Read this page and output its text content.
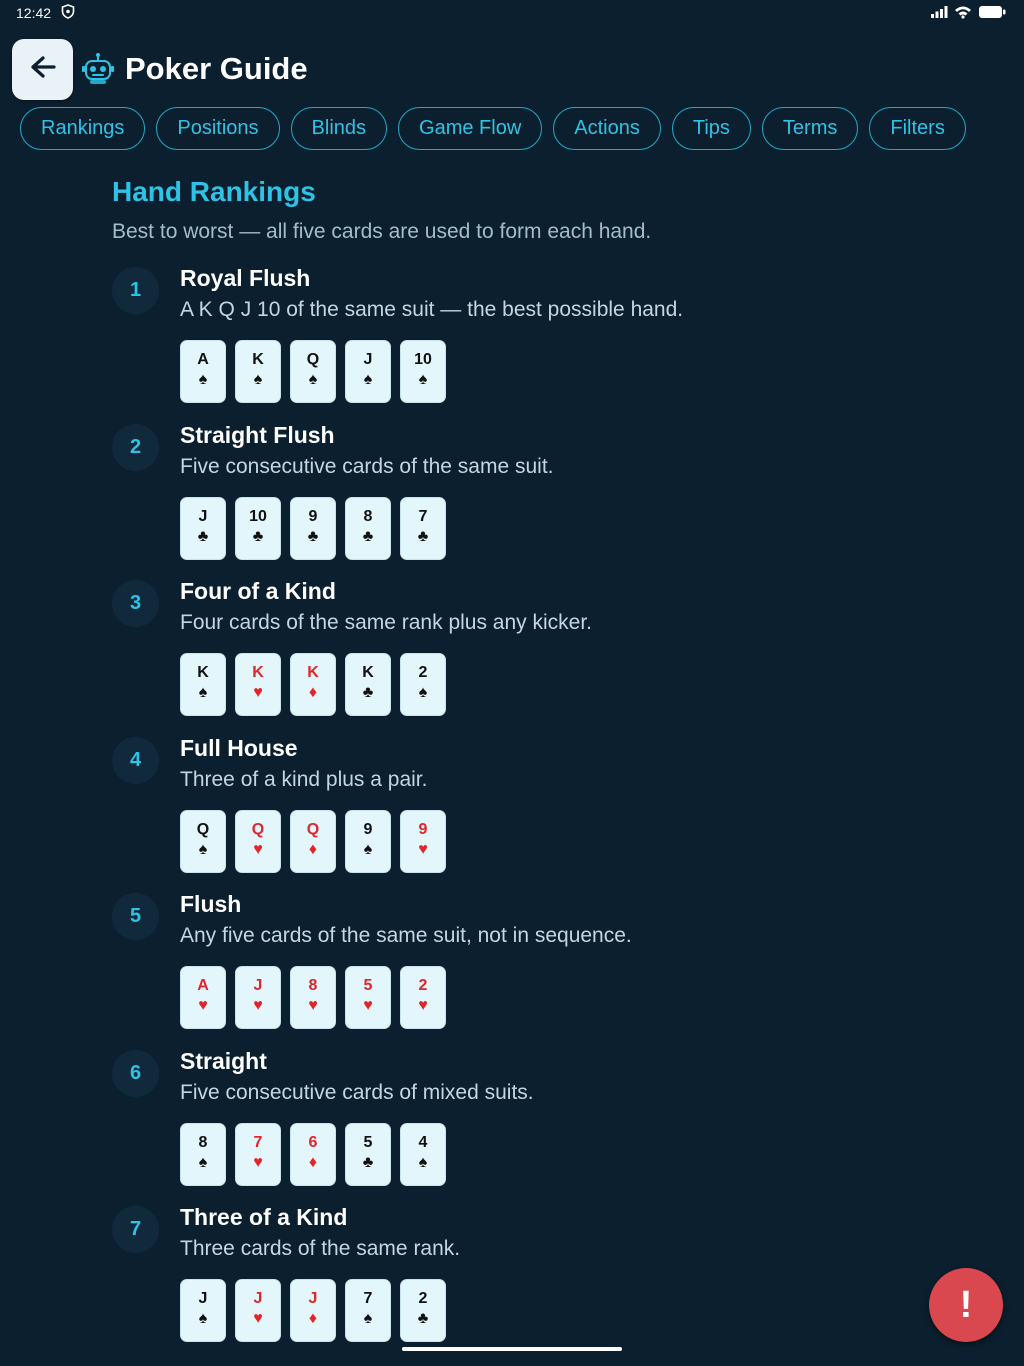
12:42
Poker Guide
Rankings	Positions	Blinds	Game Flow	Actions	Tips	Terms	Filters
Hand Rankings
Best to worst — all five cards are used to form each hand.
1	Royal Flush
A K Q J 10 of the same suit — the best possible hand.
A
♠
K
♠
Q
♠
J
♠
10
♠
2	Straight Flush
Five consecutive cards of the same suit.
J
♣
10
♣
9
♣
8
♣
7
♣
3	Four of a Kind
Four cards of the same rank plus any kicker.
K
♠
K
♥
K
♦
K
♣
2
♠
4	Full House
Three of a kind plus a pair.
Q
♠
Q
♥
Q
♦
9
♠
9
♥
5	Flush
Any five cards of the same suit, not in sequence.
A
♥
J
♥
8
♥
5
♥
2
♥
6	Straight
Five consecutive cards of mixed suits.
8
♠
7
♥
6
♦
5
♣
4
♠
7	Three of a Kind
Three cards of the same rank.
J
♠
J
♥
J
♦
7
♠
2
♣	!
